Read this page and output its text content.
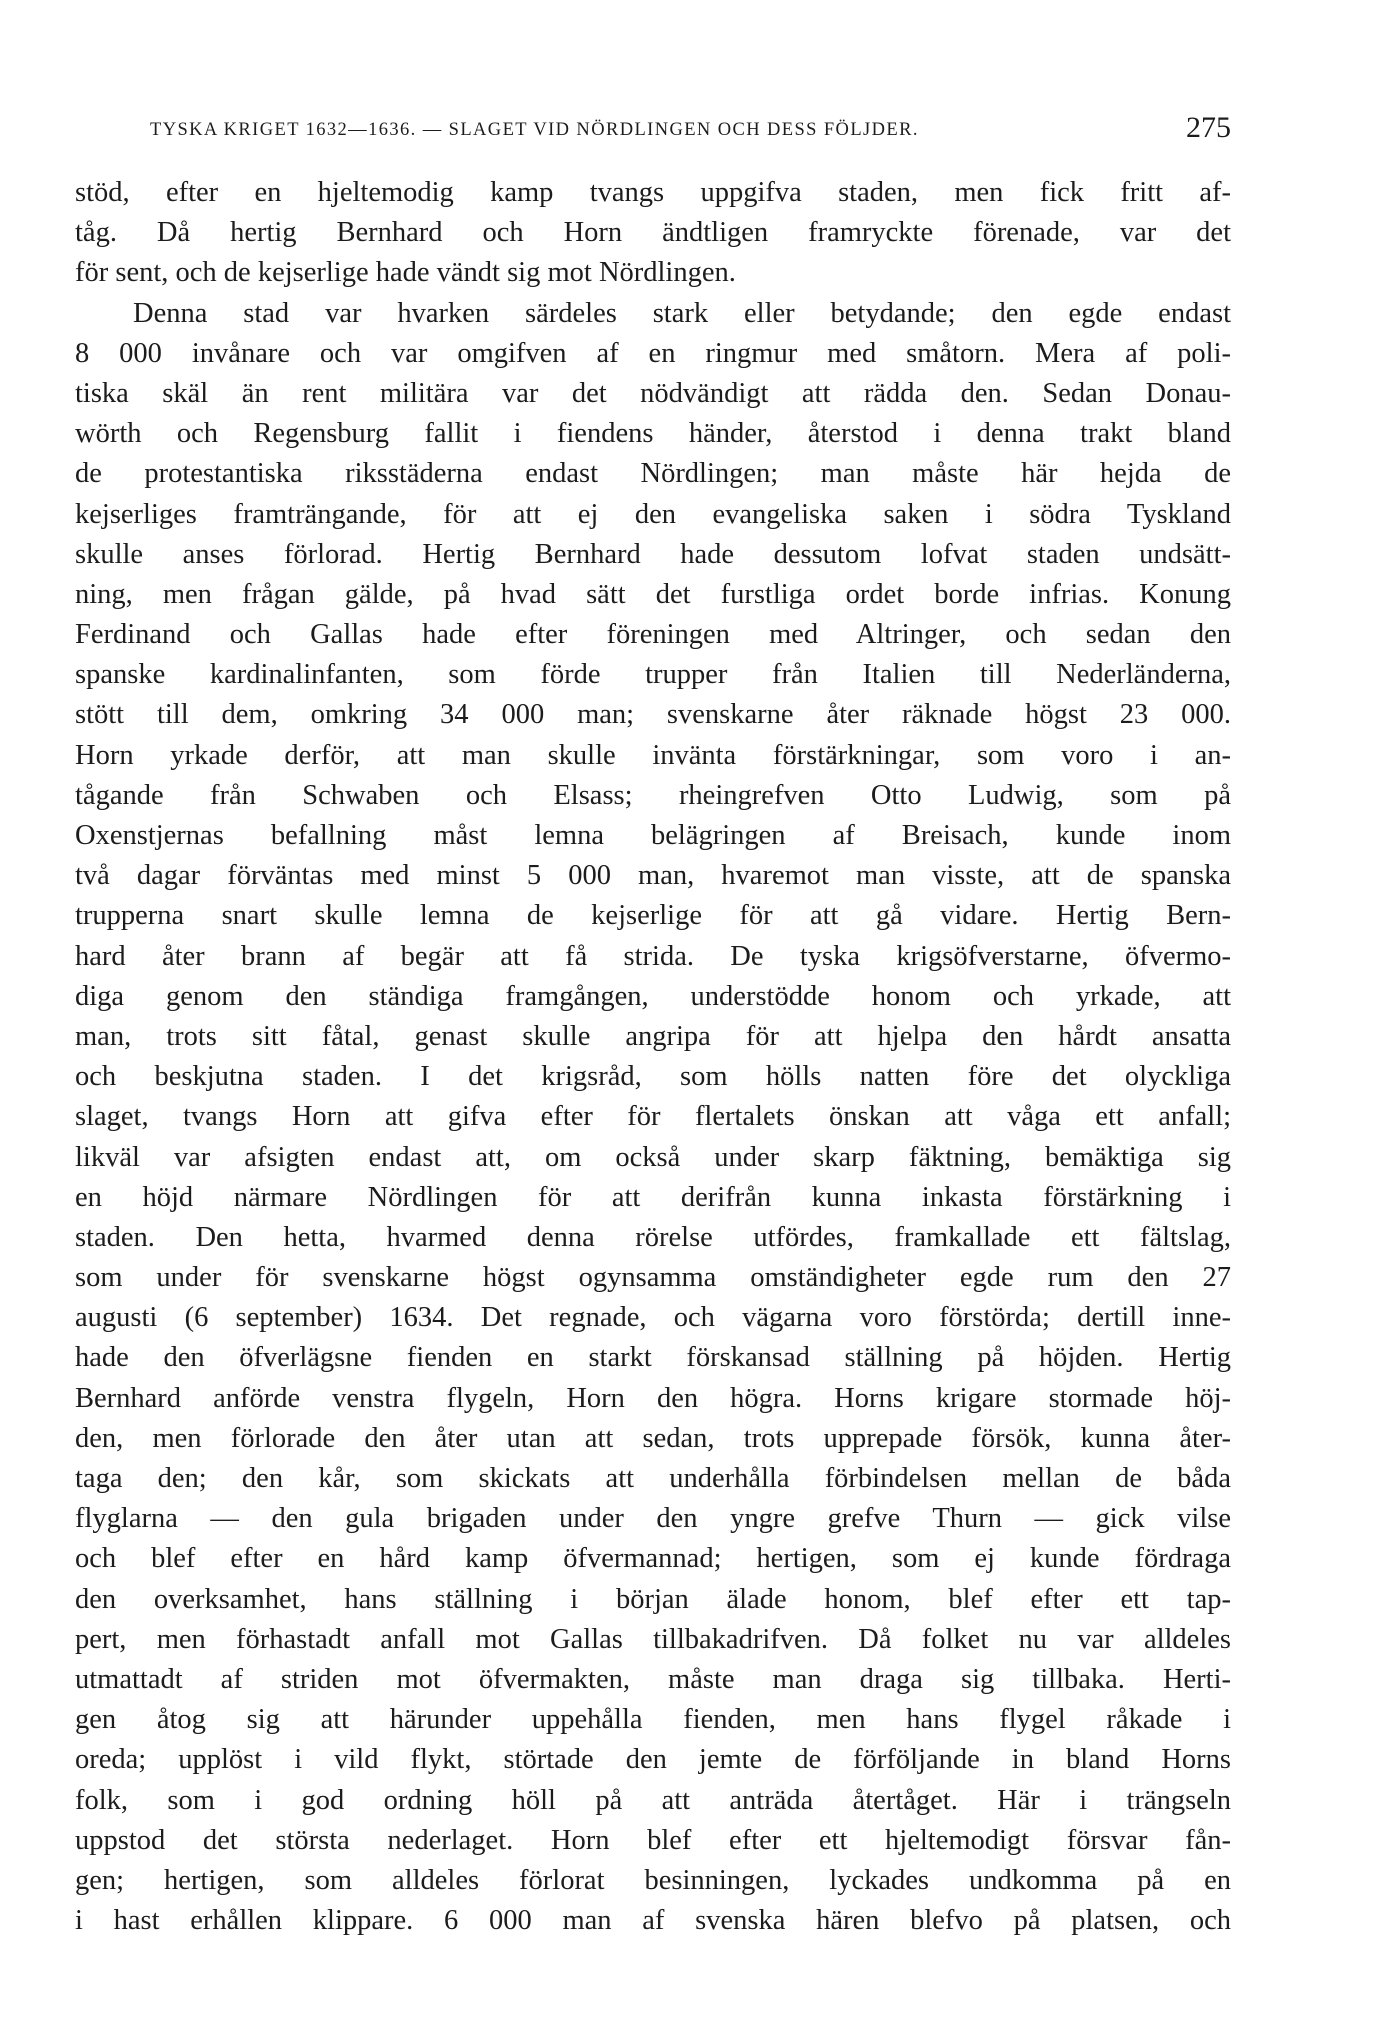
TYSKA KRIGET 1632—1636. — SLAGET VID NÖRDLINGEN OCH DESS FÖLJDER.	275
stöd, efter en hjeltemodig kamp tvangs uppgifva staden, men fick fritt af-
tåg. Då hertig Bernhard och Horn ändtligen framryckte förenade, var det
för sent, och de kejserlige hade vändt sig mot Nördlingen.
Denna stad var hvarken särdeles stark eller betydande; den egde endast
8 000 invånare och var omgifven af en ringmur med småtorn. Mera af poli-
tiska skäl än rent militära var det nödvändigt att rädda den. Sedan Donau-
wörth och Regensburg fallit i fiendens händer, återstod i denna trakt bland
de protestantiska riksstäderna endast Nördlingen; man måste här hejda de
kejserliges framträngande, för att ej den evangeliska saken i södra Tyskland
skulle anses förlorad. Hertig Bernhard hade dessutom lofvat staden undsätt-
ning, men frågan gälde, på hvad sätt det furstliga ordet borde infrias. Konung
Ferdinand och Gallas hade efter föreningen med Altringer, och sedan den
spanske kardinalinfanten, som förde trupper från Italien till Nederländerna,
stött till dem, omkring 34 000 man; svenskarne åter räknade högst 23 000.
Horn yrkade derför, att man skulle invänta förstärkningar, som voro i an-
tågande från Schwaben och Elsass; rheingrefven Otto Ludwig, som på
Oxenstjernas befallning måst lemna belägringen af Breisach, kunde inom
två dagar förväntas med minst 5 000 man, hvaremot man visste, att de spanska
trupperna snart skulle lemna de kejserlige för att gå vidare. Hertig Bern-
hard åter brann af begär att få strida. De tyska krigsöfverstarne, öfvermo-
diga genom den ständiga framgången, understödde honom och yrkade, att
man, trots sitt fåtal, genast skulle angripa för att hjelpa den hårdt ansatta
och beskjutna staden. I det krigsråd, som hölls natten före det olyckliga
slaget, tvangs Horn att gifva efter för flertalets önskan att våga ett anfall;
likväl var afsigten endast att, om också under skarp fäktning, bemäktiga sig
en höjd närmare Nördlingen för att derifrån kunna inkasta förstärkning i
staden. Den hetta, hvarmed denna rörelse utfördes, framkallade ett fältslag,
som under för svenskarne högst ogynsamma omständigheter egde rum den 27
augusti (6 september) 1634. Det regnade, och vägarna voro förstörda; dertill inne-
hade den öfverlägsne fienden en starkt förskansad ställning på höjden. Hertig
Bernhard anförde venstra flygeln, Horn den högra. Horns krigare stormade höj-
den, men förlorade den åter utan att sedan, trots upprepade försök, kunna åter-
taga den; den kår, som skickats att underhålla förbindelsen mellan de båda
flyglarna — den gula brigaden under den yngre grefve Thurn — gick vilse
och blef efter en hård kamp öfvermannad; hertigen, som ej kunde fördraga
den overksamhet, hans ställning i början älade honom, blef efter ett tap-
pert, men förhastadt anfall mot Gallas tillbakadrifven. Då folket nu var alldeles
utmattadt af striden mot öfvermakten, måste man draga sig tillbaka. Herti-
gen åtog sig att härunder uppehålla fienden, men hans flygel råkade i
oreda; upplöst i vild flykt, störtade den jemte de förföljande in bland Horns
folk, som i god ordning höll på att anträda återtåget. Här i trängseln
uppstod det största nederlaget. Horn blef efter ett hjeltemodigt försvar fån-
gen; hertigen, som alldeles förlorat besinningen, lyckades undkomma på en
i hast erhållen klippare. 6 000 man af svenska hären blefvo på platsen, och
